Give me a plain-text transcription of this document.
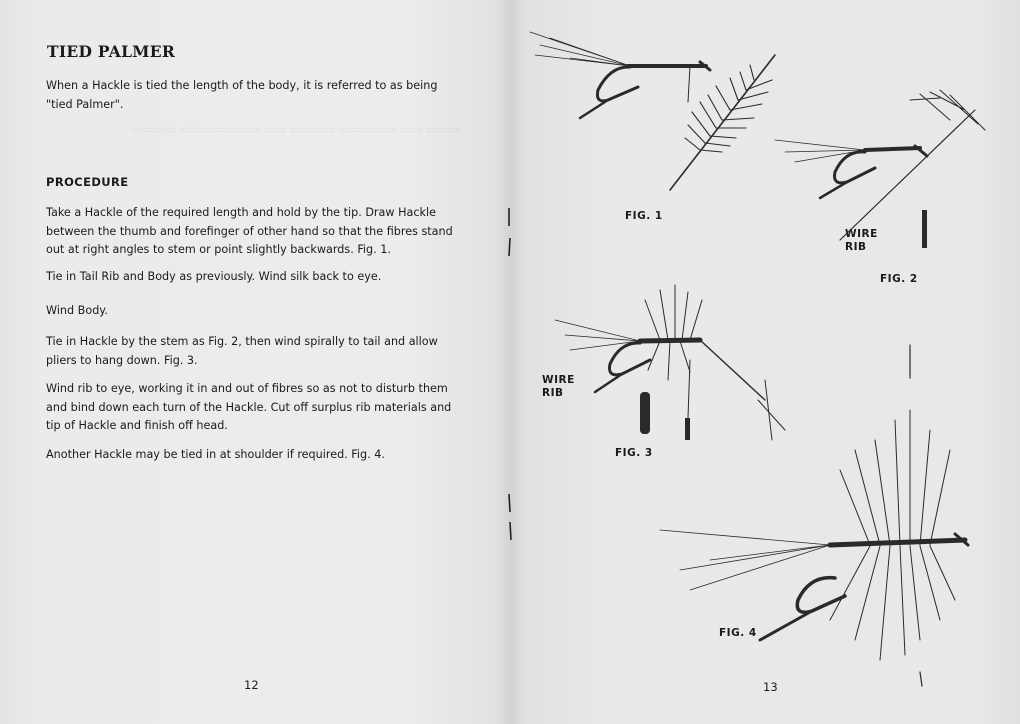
▭▭▭ ▭▭ ▭▭▭▭▭ ▭▭▭▭ ▭▭ ▭▭▭▭▭▭▭ ▭▭▭▭
TIED PALMER

When a Hackle is tied the length of the body, it is referred to as being "tied Palmer".

PROCEDURE

Take a Hackle of the required length and hold by the tip. Draw Hackle between the thumb and forefinger of other hand so that the fibres stand out at right angles to stem or point slightly backwards. Fig. 1.

Tie in Tail Rib and Body as previously. Wind silk back to eye.

Wind Body.

Tie in Hackle by the stem as Fig. 2, then wind spirally to tail and allow pliers to hang down. Fig. 3.

Wind rib to eye, working it in and out of fibres so as not to disturb them and bind down each turn of the Hackle. Cut off surplus rib materials and tip of Hackle and finish off head.

Another Hackle may be tied in at shoulder if required. Fig. 4.

12
FIG. 1
WIRE
RIB
FIG. 2
WIRE
RIB
FIG. 3
FIG. 4
13
